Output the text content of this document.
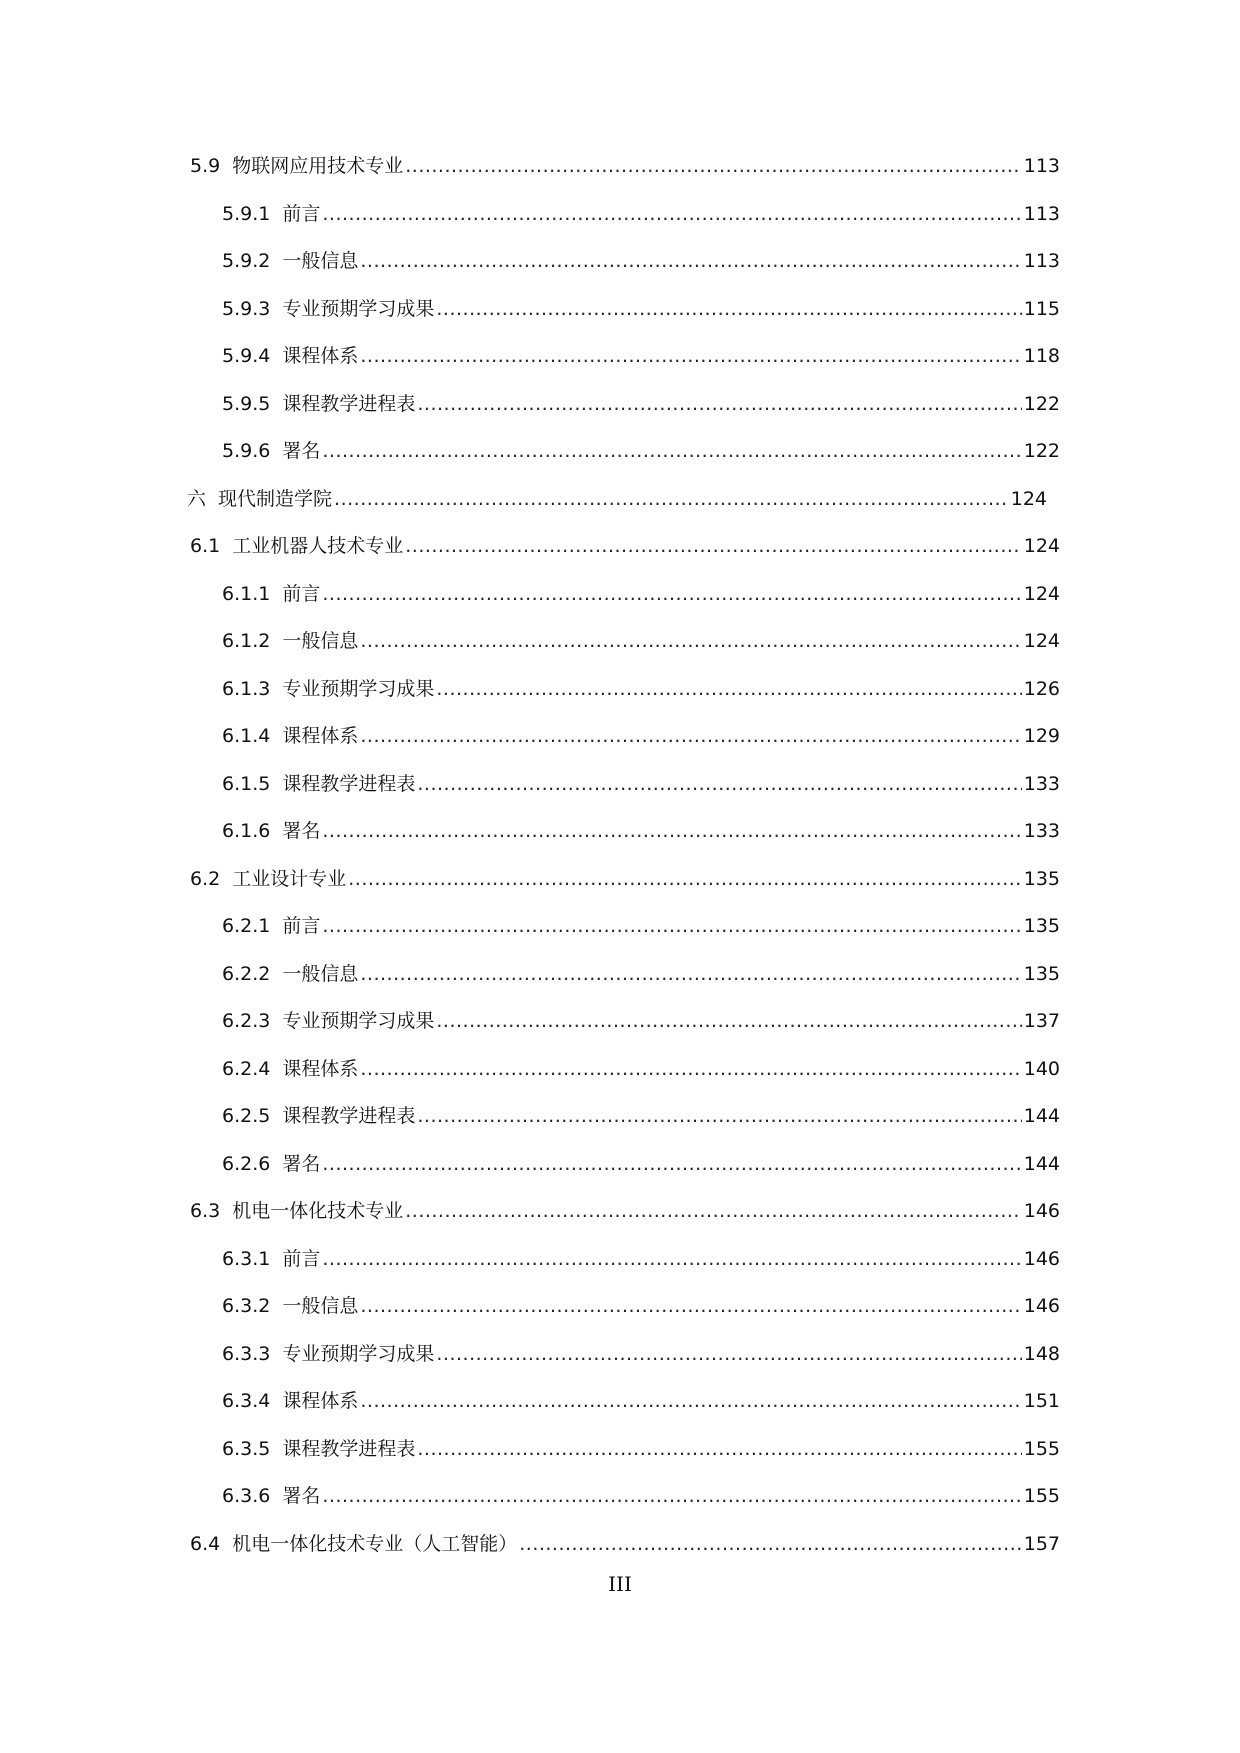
5.9 物联网应用技术专业 .....	113
5.9.1 前言 .....	113
5.9.2 一般信息 .....	113
5.9.3 专业预期学习成果 .....	115
5.9.4 课程体系 .....	118
5.9.5 课程教学进程表 .....	122
5.9.6 署名 .....	122
六 现代制造学院 .....	124
6.1 工业机器人技术专业 .....	124
6.1.1 前言 .....	124
6.1.2 一般信息 .....	124
6.1.3 专业预期学习成果 .....	126
6.1.4 课程体系 .....	129
6.1.5 课程教学进程表 .....	133
6.1.6 署名 .....	133
6.2 工业设计专业 .....	135
6.2.1 前言 .....	135
6.2.2 一般信息 .....	135
6.2.3 专业预期学习成果 .....	137
6.2.4 课程体系 .....	140
6.2.5 课程教学进程表 .....	144
6.2.6 署名 .....	144
6.3 机电一体化技术专业 .....	146
6.3.1 前言 .....	146
6.3.2 一般信息 .....	146
6.3.3 专业预期学习成果 .....	148
6.3.4 课程体系 .....	151
6.3.5 课程教学进程表 .....	155
6.3.6 署名 .....	155
6.4 机电一体化技术专业（人工智能） .....	157
III
